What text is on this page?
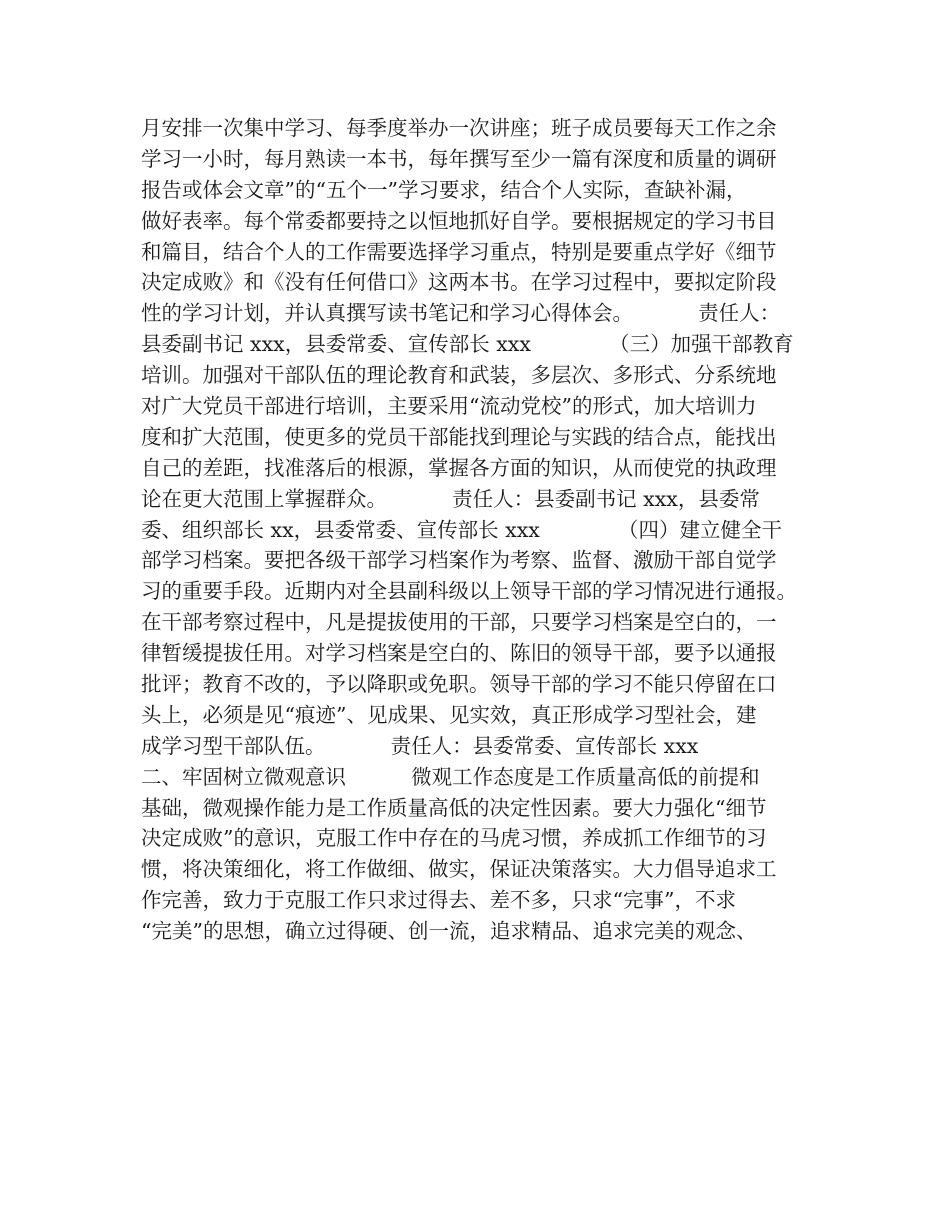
月安排一次集中学习、每季度举办一次讲座；班子成员要每天工作之余
学习一小时，每月熟读一本书，每年撰写至少一篇有深度和质量的调研
报告或体会文章”的“五个一”学习要求，结合个人实际，查缺补漏，
做好表率。每个常委都要持之以恒地抓好自学。要根据规定的学习书目
和篇目，结合个人的工作需要选择学习重点，特别是要重点学好《细节
决定成败》和《没有任何借口》这两本书。在学习过程中，要拟定阶段
性的学习计划，并认真撰写读书笔记和学习心得体会。          责任人：
县委副书记 xxx，县委常委、宣传部长 xxx            （三）加强干部教育
培训。加强对干部队伍的理论教育和武装，多层次、多形式、分系统地
对广大党员干部进行培训，主要采用“流动党校”的形式，加大培训力
度和扩大范围，使更多的党员干部能找到理论与实践的结合点，能找出
自己的差距，找准落后的根源，掌握各方面的知识，从而使党的执政理
论在更大范围上掌握群众。          责任人：县委副书记 xxx，县委常
委、组织部长 xx，县委常委、宣传部长 xxx            （四）建立健全干
部学习档案。要把各级干部学习档案作为考察、监督、激励干部自觉学
习的重要手段。近期内对全县副科级以上领导干部的学习情况进行通报。
在干部考察过程中，凡是提拔使用的干部，只要学习档案是空白的，一
律暂缓提拔任用。对学习档案是空白的、陈旧的领导干部，要予以通报
批评；教育不改的，予以降职或免职。领导干部的学习不能只停留在口
头上，必须是见“痕迹”、见成果、见实效，真正形成学习型社会，建
成学习型干部队伍。          责任人：县委常委、宣传部长 xxx
二、牢固树立微观意识          微观工作态度是工作质量高低的前提和
基础，微观操作能力是工作质量高低的决定性因素。要大力强化“细节
决定成败”的意识，克服工作中存在的马虎习惯，养成抓工作细节的习
惯，将决策细化，将工作做细、做实，保证决策落实。大力倡导追求工
作完善，致力于克服工作只求过得去、差不多，只求“完事”，不求
“完美”的思想，确立过得硬、创一流，追求精品、追求完美的观念、
